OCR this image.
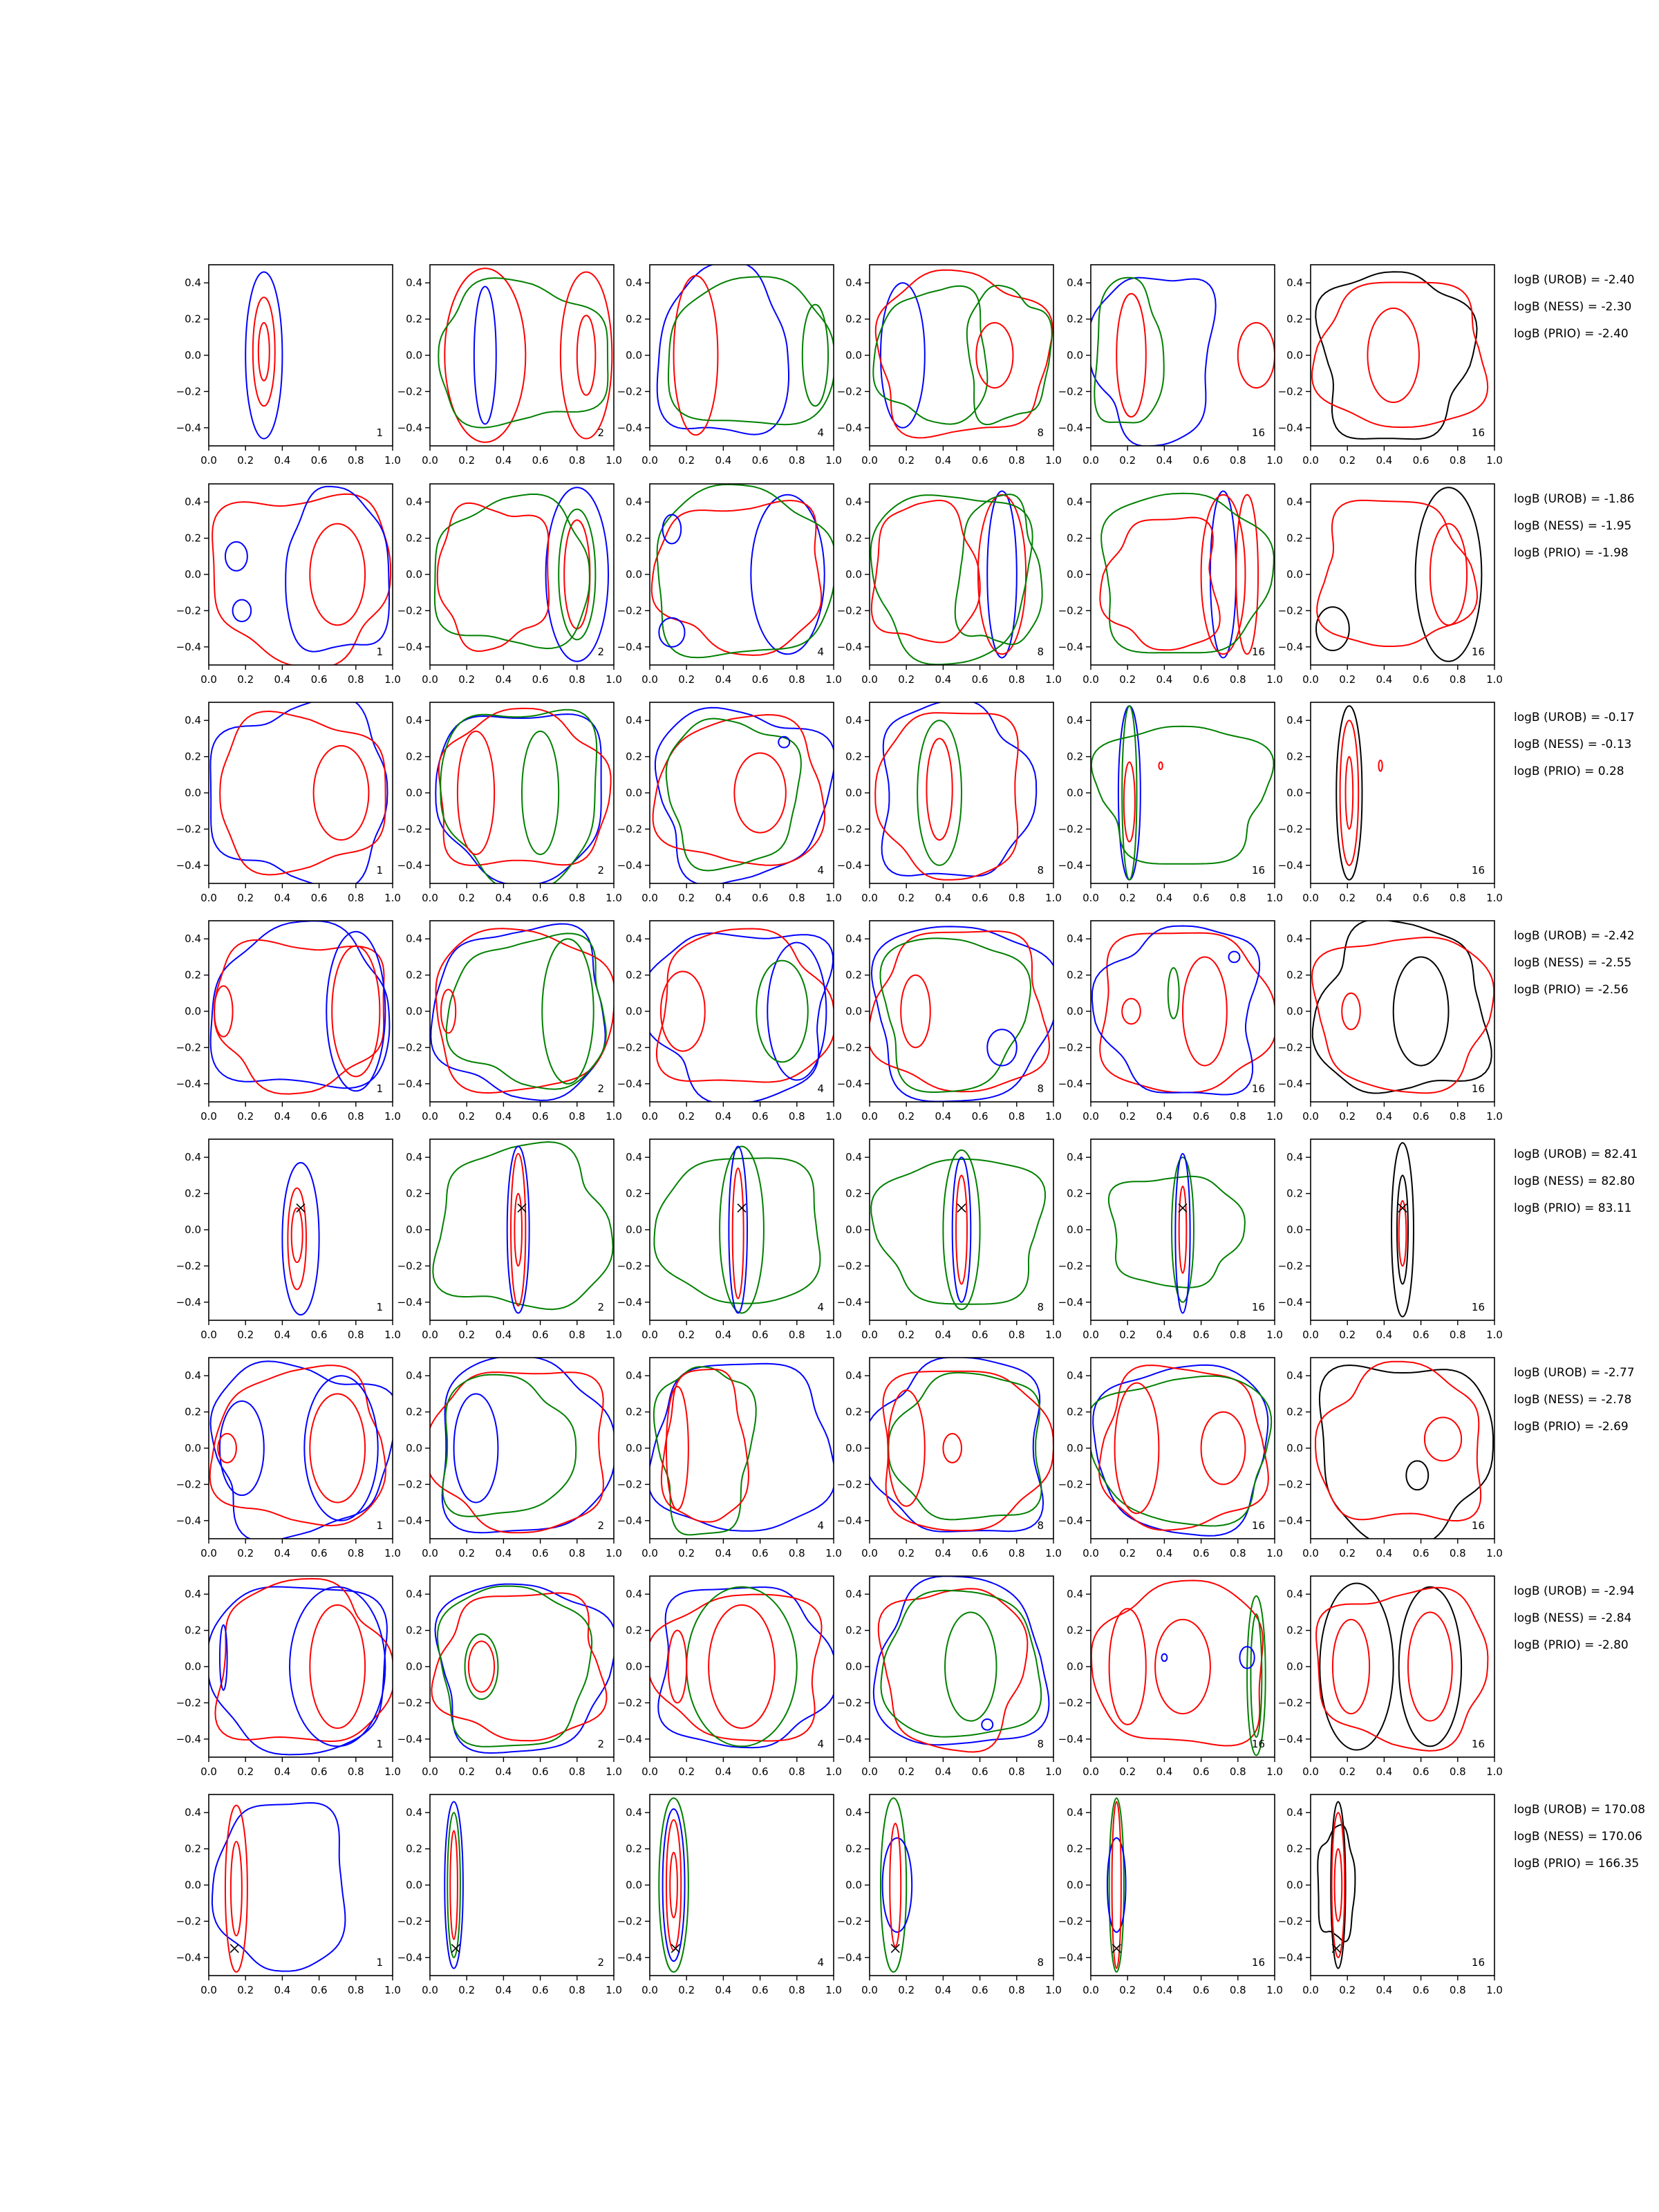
0.0 0.2 0.4 0.6 0.8 1.0
0.4
0.2
0.0
−0.2
−0.4	1
0.0 0.2 0.4 0.6 0.8 1.0
0.4
0.2
0.0
−0.2
−0.4	2
0.0 0.2 0.4 0.6 0.8 1.0
0.4
0.2
0.0
−0.2
−0.4	4
0.0 0.2 0.4 0.6 0.8 1.0
0.4
0.2
0.0
−0.2
−0.4	8
0.0 0.2 0.4 0.6 0.8 1.0
0.4
0.2
0.0
−0.2
−0.4	16
0.0 0.2 0.4 0.6 0.8 1.0
0.4
0.2
0.0
−0.2
−0.4	16
logB (UROB) = -2.40
logB (NESS) = -2.30
logB (PRIO) = -2.40
0.0 0.2 0.4 0.6 0.8 1.0
0.4
0.2
0.0
−0.2
−0.4	1
0.0 0.2 0.4 0.6 0.8 1.0
0.4
0.2
0.0
−0.2
−0.4	2
0.0 0.2 0.4 0.6 0.8 1.0
0.4
0.2
0.0
−0.2
−0.4	4
0.0 0.2 0.4 0.6 0.8 1.0
0.4
0.2
0.0
−0.2
−0.4	8
0.0 0.2 0.4 0.6 0.8 1.0
0.4
0.2
0.0
−0.2
−0.4	16
0.0 0.2 0.4 0.6 0.8 1.0
0.4
0.2
0.0
−0.2
−0.4	16
logB (UROB) = -1.86
logB (NESS) = -1.95
logB (PRIO) = -1.98
0.0 0.2 0.4 0.6 0.8 1.0
0.4
0.2
0.0
−0.2
−0.4	1
0.0 0.2 0.4 0.6 0.8 1.0
0.4
0.2
0.0
−0.2
−0.4	2
0.0 0.2 0.4 0.6 0.8 1.0
0.4
0.2
0.0
−0.2
−0.4	4
0.0 0.2 0.4 0.6 0.8 1.0
0.4
0.2
0.0
−0.2
−0.4	8
0.0 0.2 0.4 0.6 0.8 1.0
0.4
0.2
0.0
−0.2
−0.4	16
0.0 0.2 0.4 0.6 0.8 1.0
0.4
0.2
0.0
−0.2
−0.4	16
logB (UROB) = -0.17
logB (NESS) = -0.13
logB (PRIO) = 0.28
0.0 0.2 0.4 0.6 0.8 1.0
0.4
0.2
0.0
−0.2
−0.4	1
0.0 0.2 0.4 0.6 0.8 1.0
0.4
0.2
0.0
−0.2
−0.4	2
0.0 0.2 0.4 0.6 0.8 1.0
0.4
0.2
0.0
−0.2
−0.4	4
0.0 0.2 0.4 0.6 0.8 1.0
0.4
0.2
0.0
−0.2
−0.4	8
0.0 0.2 0.4 0.6 0.8 1.0
0.4
0.2
0.0
−0.2
−0.4	16
0.0 0.2 0.4 0.6 0.8 1.0
0.4
0.2
0.0
−0.2
−0.4	16
logB (UROB) = -2.42
logB (NESS) = -2.55
logB (PRIO) = -2.56
0.0 0.2 0.4 0.6 0.8 1.0
0.4
0.2
0.0
−0.2
−0.4	1
0.0 0.2 0.4 0.6 0.8 1.0
0.4
0.2
0.0
−0.2
−0.4	2
0.0 0.2 0.4 0.6 0.8 1.0
0.4
0.2
0.0
−0.2
−0.4	4
0.0 0.2 0.4 0.6 0.8 1.0
0.4
0.2
0.0
−0.2
−0.4	8
0.0 0.2 0.4 0.6 0.8 1.0
0.4
0.2
0.0
−0.2
−0.4	16
0.0 0.2 0.4 0.6 0.8 1.0
0.4
0.2
0.0
−0.2
−0.4	16
logB (UROB) = 82.41
logB (NESS) = 82.80
logB (PRIO) = 83.11
0.0 0.2 0.4 0.6 0.8 1.0
0.4
0.2
0.0
−0.2
−0.4	1
0.0 0.2 0.4 0.6 0.8 1.0
0.4
0.2
0.0
−0.2
−0.4	2
0.0 0.2 0.4 0.6 0.8 1.0
0.4
0.2
0.0
−0.2
−0.4	4
0.0 0.2 0.4 0.6 0.8 1.0
0.4
0.2
0.0
−0.2
−0.4	8
0.0 0.2 0.4 0.6 0.8 1.0
0.4
0.2
0.0
−0.2
−0.4	16
0.0 0.2 0.4 0.6 0.8 1.0
0.4
0.2
0.0
−0.2
−0.4	16
logB (UROB) = -2.77
logB (NESS) = -2.78
logB (PRIO) = -2.69
0.0 0.2 0.4 0.6 0.8 1.0
0.4
0.2
0.0
−0.2
−0.4	1
0.0 0.2 0.4 0.6 0.8 1.0
0.4
0.2
0.0
−0.2
−0.4	2
0.0 0.2 0.4 0.6 0.8 1.0
0.4
0.2
0.0
−0.2
−0.4	4
0.0 0.2 0.4 0.6 0.8 1.0
0.4
0.2
0.0
−0.2
−0.4	8
0.0 0.2 0.4 0.6 0.8 1.0
0.4
0.2
0.0
−0.2
−0.4	16
0.0 0.2 0.4 0.6 0.8 1.0
0.4
0.2
0.0
−0.2
−0.4	16
logB (UROB) = -2.94
logB (NESS) = -2.84
logB (PRIO) = -2.80
0.0 0.2 0.4 0.6 0.8 1.0
0.4
0.2
0.0
−0.2
−0.4	1
0.0 0.2 0.4 0.6 0.8 1.0
0.4
0.2
0.0
−0.2
−0.4	2
0.0 0.2 0.4 0.6 0.8 1.0
0.4
0.2
0.0
−0.2
−0.4	4
0.0 0.2 0.4 0.6 0.8 1.0
0.4
0.2
0.0
−0.2
−0.4	8
0.0 0.2 0.4 0.6 0.8 1.0
0.4
0.2
0.0
−0.2
−0.4	16
0.0 0.2 0.4 0.6 0.8 1.0
0.4
0.2
0.0
−0.2
−0.4	16
logB (UROB) = 170.08
logB (NESS) = 170.06
logB (PRIO) = 166.35
